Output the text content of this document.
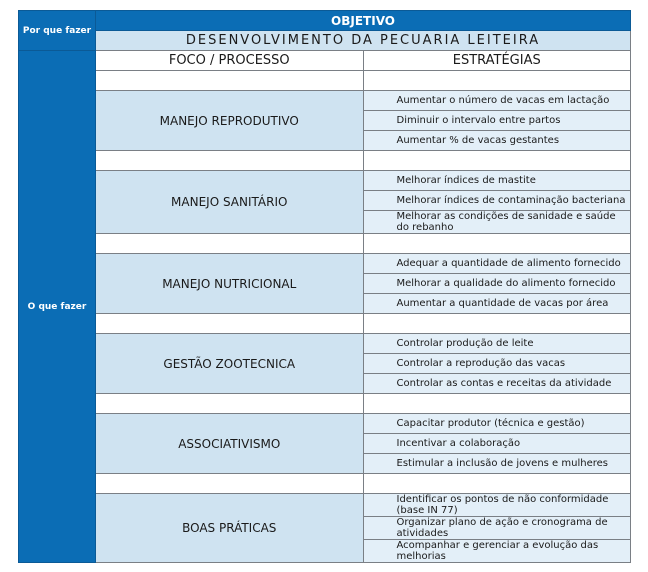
Por que fazer	OBJETIVO	
	DESENVOLVIMENTO DA PECUARIA LEITEIRA	
O que fazer	FOCO / PROCESSO	ESTRATÉGIAS

	MANEJO REPRODUTIVO	Aumentar o número de vacas em lactação
		Diminuir o intervalo entre partos
		Aumentar % de vacas gestantes

	MANEJO SANITÁRIO	Melhorar índices de mastite
		Melhorar índices de contaminação bacteriana
		Melhorar as condições de sanidade e saúde do rebanho

	MANEJO NUTRICIONAL	Adequar a quantidade de alimento fornecido
		Melhorar a qualidade do alimento fornecido
		Aumentar a quantidade de vacas por área

	GESTÃO ZOOTECNICA	Controlar produção de leite
		Controlar a reprodução das vacas
		Controlar as contas e receitas da atividade

	ASSOCIATIVISMO	Capacitar produtor (técnica e gestão)
		Incentivar a colaboração
		Estimular a inclusão de jovens e mulheres

	BOAS PRÁTICAS	Identificar os pontos de não conformidade (base IN 77)
		Organizar plano de ação e cronograma de atividades
		Acompanhar e gerenciar a evolução das melhorias
